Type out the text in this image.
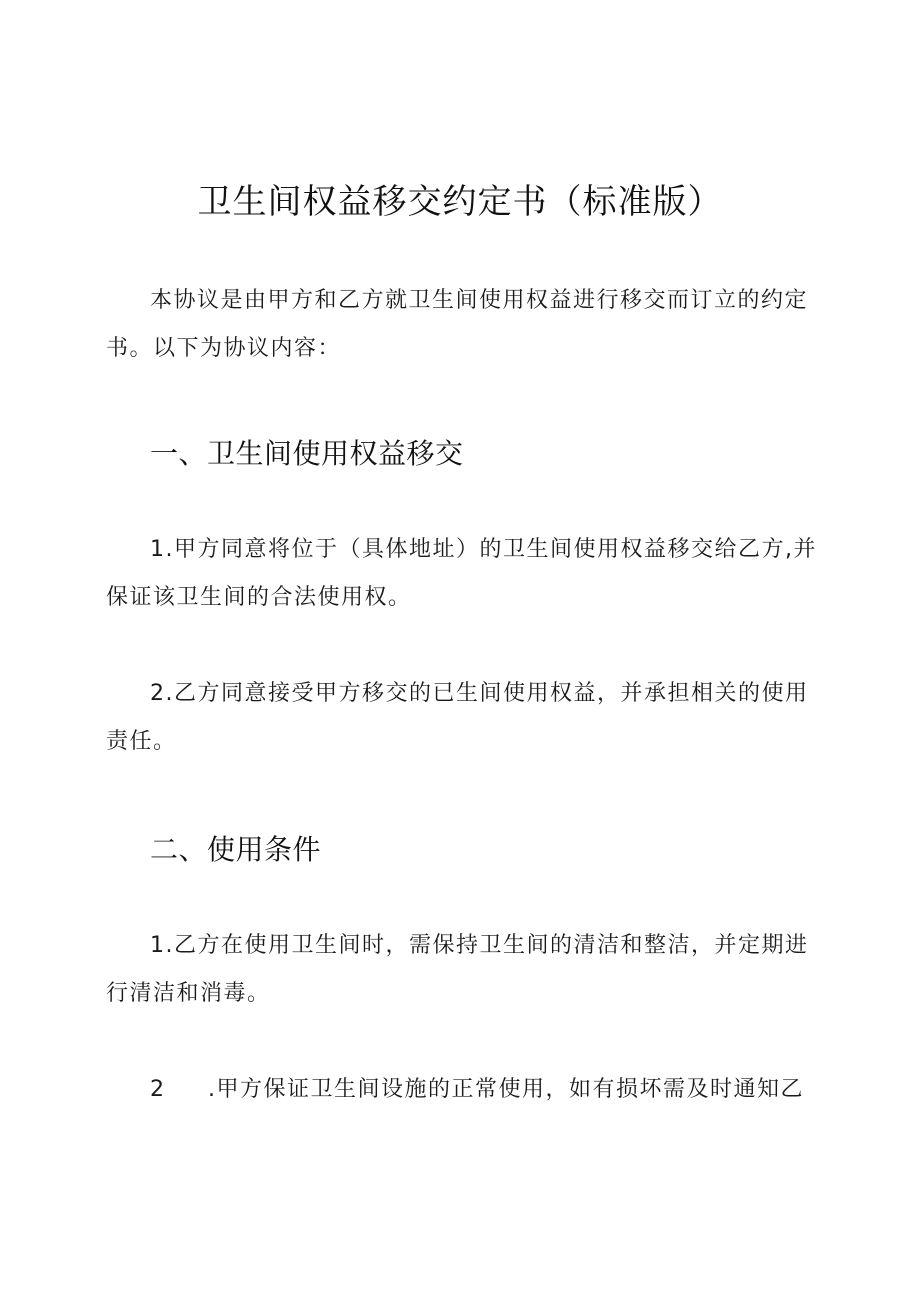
卫生间权益移交约定书（标准版）

本协议是由甲方和乙方就卫生间使用权益进行移交而订立的约定书。以下为协议内容：

一、卫生间使用权益移交

1.甲方同意将位于（具体地址）的卫生间使用权益移交给乙方,并保证该卫生间的合法使用权。

2.乙方同意接受甲方移交的已生间使用权益，并承担相关的使用责任。

二、使用条件

1.乙方在使用卫生间时，需保持卫生间的清洁和整洁，并定期进行清洁和消毒。

2 .甲方保证卫生间设施的正常使用，如有损坏需及时通知乙
